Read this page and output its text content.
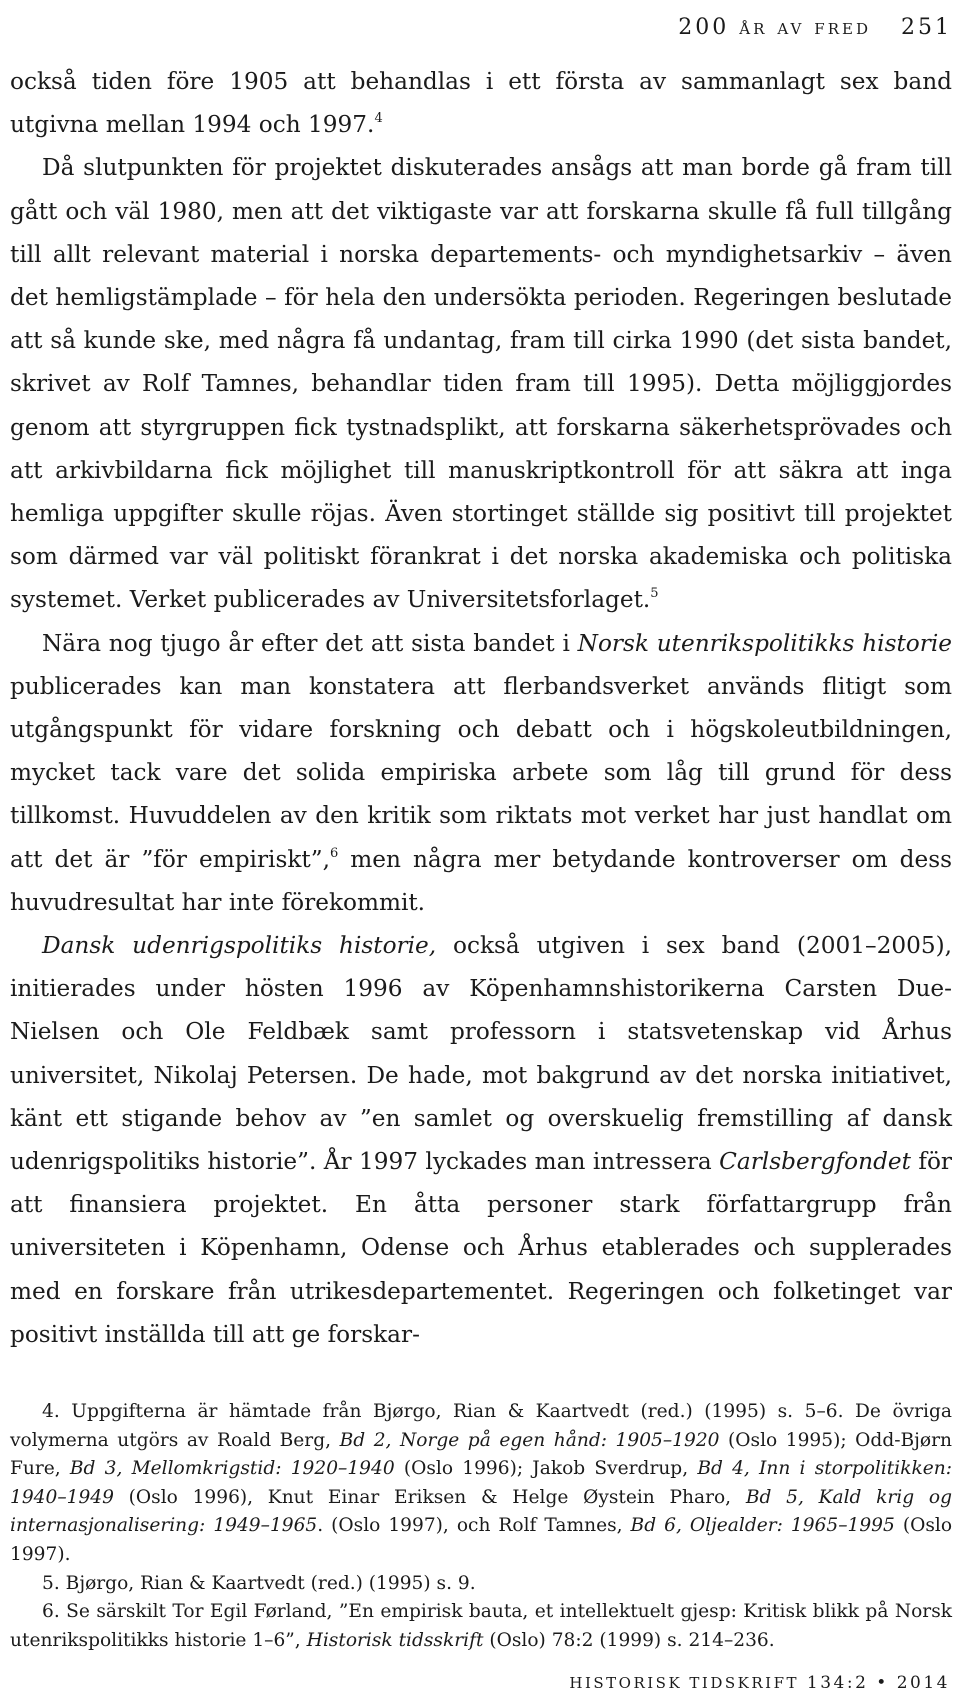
200 år av fred 251

också tiden före 1905 att behandlas i ett första av sammanlagt sex band utgivna mellan 1994 och 1997.$^4$

Då slutpunkten för projektet diskuterades ansågs att man borde gå fram till gått och väl 1980, men att det viktigaste var att forskarna skulle få full tillgång till allt relevant material i norska departements- och myndighetsarkiv – även det hemligstämplade – för hela den undersökta perioden. Regeringen beslutade att så kunde ske, med några få undantag, fram till cirka 1990 (det sista bandet, skrivet av Rolf Tamnes, behandlar tiden fram till 1995). Detta möjliggjordes genom att styrgruppen fick tystnadsplikt, att forskarna säkerhetsprövades och att arkivbildarna fick möjlighet till manuskriptkontroll för att säkra att inga hemliga uppgifter skulle röjas. Även stortinget ställde sig positivt till projektet som därmed var väl politiskt förankrat i det norska akademiska och politiska systemet. Verket publicerades av Universitetsforlaget.$^5$

Nära nog tjugo år efter det att sista bandet i Norsk utenrikspolitikks historie publicerades kan man konstatera att flerbandsverket används flitigt som utgångspunkt för vidare forskning och debatt och i högskoleutbildningen, mycket tack vare det solida empiriska arbete som låg till grund för dess tillkomst. Huvuddelen av den kritik som riktats mot verket har just handlat om att det är ”för empiriskt”,$^6$ men några mer betydande kontroverser om dess huvudresultat har inte förekommit.

Dansk udenrigspolitiks historie, också utgiven i sex band (2001–2005), initierades under hösten 1996 av Köpenhamnshistorikerna Carsten Due-Nielsen och Ole Feldbæk samt professorn i statsvetenskap vid Århus universitet, Nikolaj Petersen. De hade, mot bakgrund av det norska initiativet, känt ett stigande behov av ”en samlet og overskuelig fremstilling af dansk udenrigspolitiks historie”. År 1997 lyckades man intressera Carlsbergfondet för att finansiera projektet. En åtta personer stark författargrupp från universiteten i Köpenhamn, Odense och Århus etablerades och supplerades med en forskare från utrikesdepartementet. Regeringen och folketinget var positivt inställda till att ge forskar-

4. Uppgifterna är hämtade från Bjørgo, Rian & Kaartvedt (red.) (1995) s. 5–6. De övriga volymerna utgörs av Roald Berg, Bd 2, Norge på egen hånd: 1905–1920 (Oslo 1995); Odd-Bjørn Fure, Bd 3, Mellomkrigstid: 1920–1940 (Oslo 1996); Jakob Sverdrup, Bd 4, Inn i storpolitikken: 1940–1949 (Oslo 1996), Knut Einar Eriksen & Helge Øystein Pharo, Bd 5, Kald krig og internasjonalisering: 1949–1965. (Oslo 1997), och Rolf Tamnes, Bd 6, Oljealder: 1965–1995 (Oslo 1997).

5. Bjørgo, Rian & Kaartvedt (red.) (1995) s. 9.

6. Se särskilt Tor Egil Førland, ”En empirisk bauta, et intellektuelt gjesp: Kritisk blikk på Norsk utenrikspolitikks historie 1–6”, Historisk tidsskrift (Oslo) 78:2 (1999) s. 214–236.

HISTORISK TIDSKRIFT 134:2 • 2014
